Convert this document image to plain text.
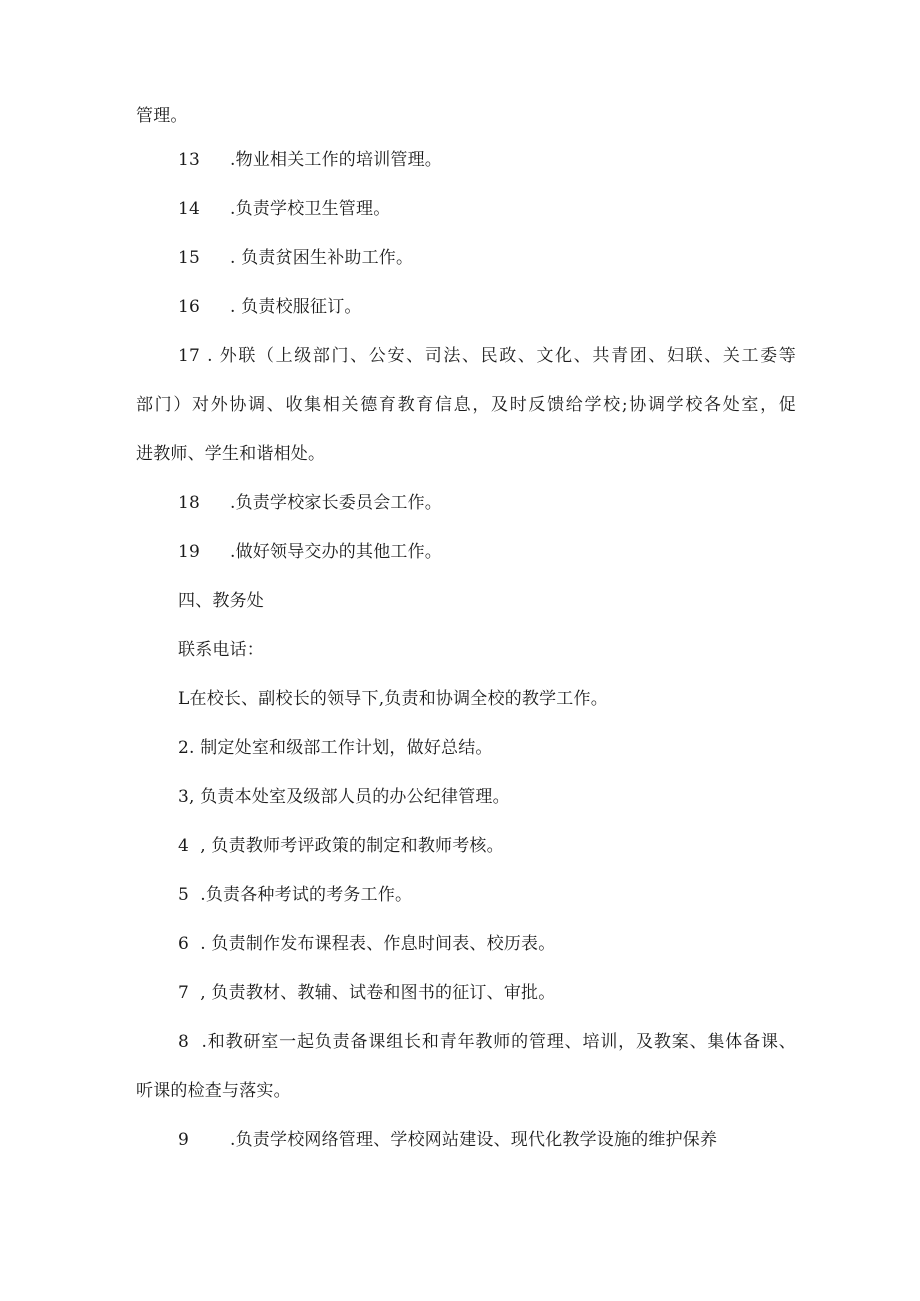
管理。
13 .物业相关工作的培训管理。
14 .负责学校卫生管理。
15 . 负责贫困生补助工作。
16 . 负责校服征订。
17 . 外联（上级部门、公安、司法、民政、文化、共青团、妇联、关工委等
部门）对外协调、收集相关德育教育信息，及时反馈给学校;协调学校各处室，促
进教师、学生和谐相处。
18 .负责学校家长委员会工作。
19 .做好领导交办的其他工作。
四、教务处
联系电话：
L在校长、副校长的领导下,负责和协调全校的教学工作。
2. 制定处室和级部工作计划，做好总结。
3, 负责本处室及级部人员的办公纪律管理。
4  , 负责教师考评政策的制定和教师考核。
5  .负责各种考试的考务工作。
6  . 负责制作发布课程表、作息时间表、校历表。
7  , 负责教材、教辅、试卷和图书的征订、审批。
8  .和教研室一起负责备课组长和青年教师的管理、培训，及教案、集体备课、
听课的检查与落实。
9 .负责学校网络管理、学校网站建设、现代化教学设施的维护保养
